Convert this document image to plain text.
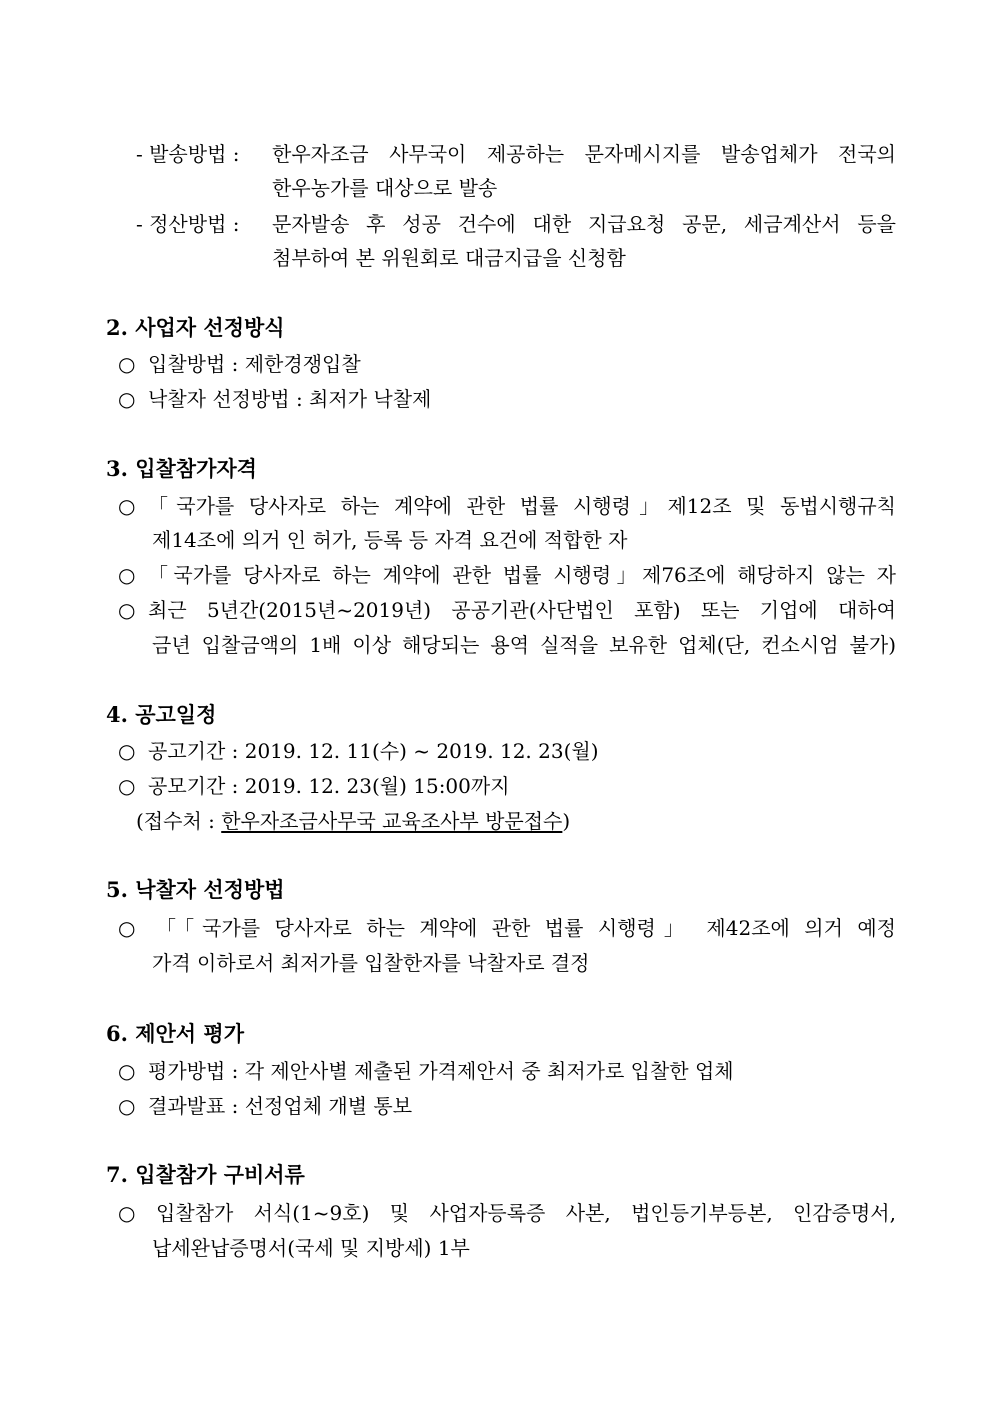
- 발송방법 : 한우자조금 사무국이 제공하는 문자메시지를 발송업체가 전국의
한우농가를 대상으로 발송
- 정산방법 : 문자발송 후 성공 건수에 대한 지급요청 공문, 세금계산서 등을
첨부하여 본 위원회로 대금지급을 신청함
2. 사업자 선정방식
○ 입찰방법 : 제한경쟁입찰
○ 낙찰자 선정방법 : 최저가 낙찰제
3. 입찰참가자격
○ 「국가를 당사자로 하는 계약에 관한 법률 시행령」제12조 및 동법시행규칙
제14조에 의거 인 허가, 등록 등 자격 요건에 적합한 자
○ 「국가를 당사자로 하는 계약에 관한 법률 시행령」제76조에 해당하지 않는 자
○ 최근 5년간(2015년~2019년) 공공기관(사단법인 포함) 또는 기업에 대하여
금년 입찰금액의 1배 이상 해당되는 용역 실적을 보유한 업체(단, 컨소시엄 불가)
4. 공고일정
○ 공고기간 : 2019. 12. 11(수) ~ 2019. 12. 23(월)
○ 공모기간 : 2019. 12. 23(월) 15:00까지
(접수처 : 한우자조금사무국 교육조사부 방문접수)
5. 낙찰자 선정방법
○ 「「국가를 당사자로 하는 계약에 관한 법률 시행령」 제42조에 의거 예정
가격 이하로서 최저가를 입찰한자를 낙찰자로 결정
6. 제안서 평가
○ 평가방법 : 각 제안사별 제출된 가격제안서 중 최저가로 입찰한 업체
○ 결과발표 : 선정업체 개별 통보
7. 입찰참가 구비서류
○ 입찰참가 서식(1~9호) 및 사업자등록증 사본, 법인등기부등본, 인감증명서,
납세완납증명서(국세 및 지방세) 1부
